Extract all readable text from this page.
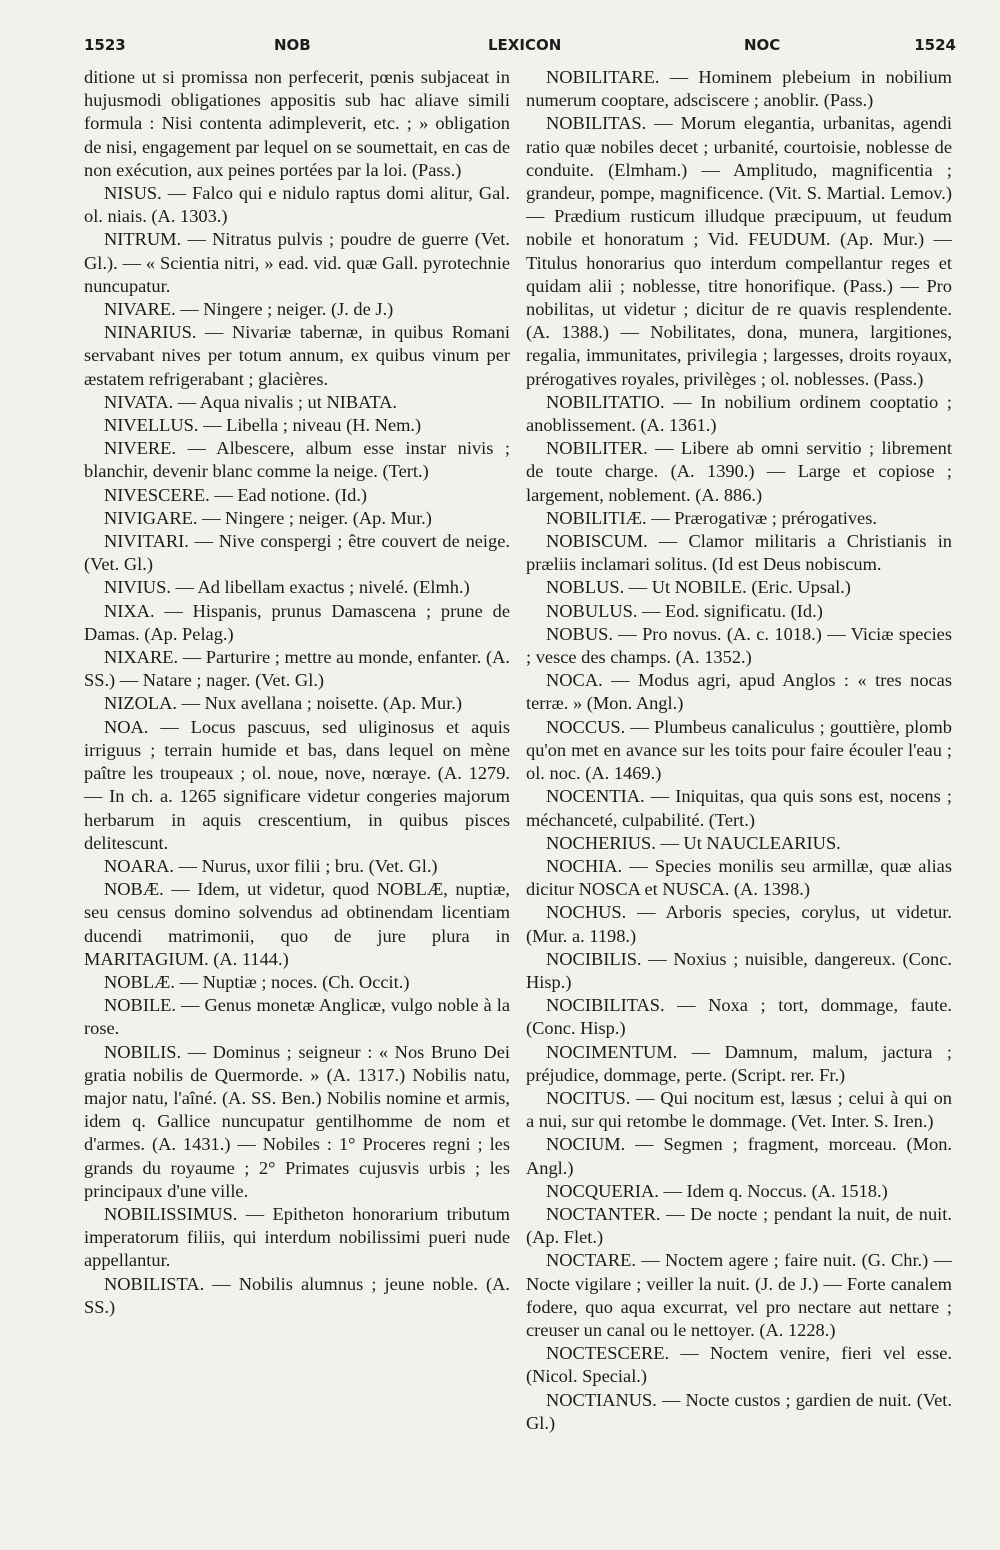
1523	NOB	LEXICON	NOC	1524

ditione ut si promissa non perfecerit, pœnis subjaceat in hujusmodi obligationes appositis sub hac aliave simili formula : Nisi contenta adimpleverit, etc. ; » obligation de nisi, engagement par lequel on se soumettait, en cas de non exécution, aux peines portées par la loi. (Pass.)

NISUS. — Falco qui e nidulo raptus domi alitur, Gal. ol. niais. (A. 1303.)

NITRUM. — Nitratus pulvis ; poudre de guerre (Vet. Gl.). — « Scientia nitri, » ead. vid. quæ Gall. pyrotechnie nuncupatur.

NIVARE. — Ningere ; neiger. (J. de J.)

NINARIUS. — Nivariæ tabernæ, in quibus Romani servabant nives per totum annum, ex quibus vinum per æstatem refrigerabant ; glacières.

NIVATA. — Aqua nivalis ; ut NIBATA.

NIVELLUS. — Libella ; niveau (H. Nem.)

NIVERE. — Albescere, album esse instar nivis ; blanchir, devenir blanc comme la neige. (Tert.)

NIVESCERE. — Ead notione. (Id.)

NIVIGARE. — Ningere ; neiger. (Ap. Mur.)

NIVITARI. — Nive conspergi ; être couvert de neige. (Vet. Gl.)

NIVIUS. — Ad libellam exactus ; nivelé. (Elmh.)

NIXA. — Hispanis, prunus Damascena ; prune de Damas. (Ap. Pelag.)

NIXARE. — Parturire ; mettre au monde, enfanter. (A. SS.) — Natare ; nager. (Vet. Gl.)

NIZOLA. — Nux avellana ; noisette. (Ap. Mur.)

NOA. — Locus pascuus, sed uliginosus et aquis irriguus ; terrain humide et bas, dans lequel on mène paître les troupeaux ; ol. noue, nove, nœraye. (A. 1279. — In ch. a. 1265 significare videtur congeries majorum herbarum in aquis crescentium, in quibus pisces delitescunt.

NOARA. — Nurus, uxor filii ; bru. (Vet. Gl.)

NOBÆ. — Idem, ut videtur, quod NOBLÆ, nuptiæ, seu census domino solvendus ad obtinendam licentiam ducendi matrimonii, quo de jure plura in MARITAGIUM. (A. 1144.)

NOBLÆ. — Nuptiæ ; noces. (Ch. Occit.)

NOBILE. — Genus monetæ Anglicæ, vulgo noble à la rose.

NOBILIS. — Dominus ; seigneur : « Nos Bruno Dei gratia nobilis de Quermorde. » (A. 1317.) Nobilis natu, major natu, l'aîné. (A. SS. Ben.) Nobilis nomine et armis, idem q. Gallice nuncupatur gentilhomme de nom et d'armes. (A. 1431.) — Nobiles : 1° Proceres regni ; les grands du royaume ; 2° Primates cujusvis urbis ; les principaux d'une ville.

NOBILISSIMUS. — Epitheton honorarium tributum imperatorum filiis, qui interdum nobilissimi pueri nude appellantur.

NOBILISTA. — Nobilis alumnus ; jeune noble. (A. SS.)

NOBILITARE. — Hominem plebeium in nobilium numerum cooptare, adsciscere ; anoblir. (Pass.)

NOBILITAS. — Morum elegantia, urbanitas, agendi ratio quæ nobiles decet ; urbanité, courtoisie, noblesse de conduite. (Elmham.) — Amplitudo, magnificentia ; grandeur, pompe, magnificence. (Vit. S. Martial. Lemov.) — Prædium rusticum illudque præcipuum, ut feudum nobile et honoratum ; Vid. FEUDUM. (Ap. Mur.) — Titulus honorarius quo interdum compellantur reges et quidam alii ; noblesse, titre honorifique. (Pass.) — Pro nobilitas, ut videtur ; dicitur de re quavis resplendente. (A. 1388.) — Nobilitates, dona, munera, largitiones, regalia, immunitates, privilegia ; largesses, droits royaux, prérogatives royales, privilèges ; ol. noblesses. (Pass.)

NOBILITATIO. — In nobilium ordinem cooptatio ; anoblissement. (A. 1361.)

NOBILITER. — Libere ab omni servitio ; librement de toute charge. (A. 1390.) — Large et copiose ; largement, noblement. (A. 886.)

NOBILITIÆ. — Prærogativæ ; prérogatives.

NOBISCUM. — Clamor militaris a Christianis in præliis inclamari solitus. (Id est Deus nobiscum.

NOBLUS. — Ut NOBILE. (Eric. Upsal.)

NOBULUS. — Eod. significatu. (Id.)

NOBUS. — Pro novus. (A. c. 1018.) — Viciæ species ; vesce des champs. (A. 1352.)

NOCA. — Modus agri, apud Anglos : « tres nocas terræ. » (Mon. Angl.)

NOCCUS. — Plumbeus canaliculus ; gouttière, plomb qu'on met en avance sur les toits pour faire écouler l'eau ; ol. noc. (A. 1469.)

NOCENTIA. — Iniquitas, qua quis sons est, nocens ; méchanceté, culpabilité. (Tert.)

NOCHERIUS. — Ut NAUCLEARIUS.

NOCHIA. — Species monilis seu armillæ, quæ alias dicitur NOSCA et NUSCA. (A. 1398.)

NOCHUS. — Arboris species, corylus, ut videtur. (Mur. a. 1198.)

NOCIBILIS. — Noxius ; nuisible, dangereux. (Conc. Hisp.)

NOCIBILITAS. — Noxa ; tort, dommage, faute. (Conc. Hisp.)

NOCIMENTUM. — Damnum, malum, jactura ; préjudice, dommage, perte. (Script. rer. Fr.)

NOCITUS. — Qui nocitum est, læsus ; celui à qui on a nui, sur qui retombe le dommage. (Vet. Inter. S. Iren.)

NOCIUM. — Segmen ; fragment, morceau. (Mon. Angl.)

NOCQUERIA. — Idem q. Noccus. (A. 1518.)

NOCTANTER. — De nocte ; pendant la nuit, de nuit. (Ap. Flet.)

NOCTARE. — Noctem agere ; faire nuit. (G. Chr.) — Nocte vigilare ; veiller la nuit. (J. de J.) — Forte canalem fodere, quo aqua excurrat, vel pro nectare aut nettare ; creuser un canal ou le nettoyer. (A. 1228.)

NOCTESCERE. — Noctem venire, fieri vel esse. (Nicol. Special.)

NOCTIANUS. — Nocte custos ; gardien de nuit. (Vet. Gl.)
